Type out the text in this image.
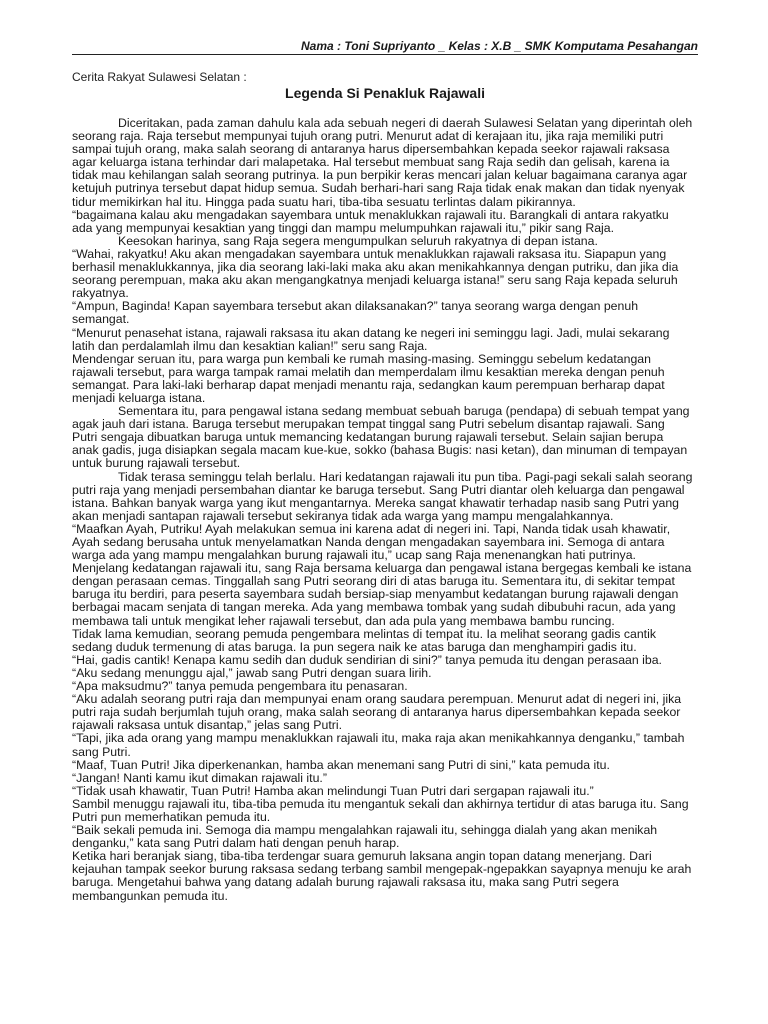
Nama : Toni Supriyanto _ Kelas : X.B _ SMK Komputama Pesahangan
Cerita Rakyat Sulawesi Selatan :
Legenda Si Penakluk Rajawali

Diceritakan, pada zaman dahulu kala ada sebuah negeri di daerah Sulawesi Selatan yang diperintah oleh

seorang raja. Raja tersebut mempunyai tujuh orang putri. Menurut adat di kerajaan itu, jika raja memiliki putri

sampai tujuh orang, maka salah seorang di antaranya harus dipersembahkan kepada seekor rajawali raksasa

agar keluarga istana terhindar dari malapetaka. Hal tersebut membuat sang Raja sedih dan gelisah, karena ia

tidak mau kehilangan salah seorang putrinya. Ia pun berpikir keras mencari jalan keluar bagaimana caranya agar

ketujuh putrinya tersebut dapat hidup semua. Sudah berhari-hari sang Raja tidak enak makan dan tidak nyenyak

tidur memikirkan hal itu. Hingga pada suatu hari, tiba-tiba sesuatu terlintas dalam pikirannya.

“bagaimana kalau aku mengadakan sayembara untuk menaklukkan rajawali itu. Barangkali di antara rakyatku

ada yang mempunyai kesaktian yang tinggi dan mampu melumpuhkan rajawali itu,” pikir sang Raja.

Keesokan harinya, sang Raja segera mengumpulkan seluruh rakyatnya di depan istana.

“Wahai, rakyatku! Aku akan mengadakan sayembara untuk menaklukkan rajawali raksasa itu. Siapapun yang

berhasil menaklukkannya, jika dia seorang laki-laki maka aku akan menikahkannya dengan putriku, dan jika dia

seorang perempuan, maka aku akan mengangkatnya menjadi keluarga istana!” seru sang Raja kepada seluruh

rakyatnya.

“Ampun, Baginda! Kapan sayembara tersebut akan dilaksanakan?” tanya seorang warga dengan penuh

semangat.

“Menurut penasehat istana, rajawali raksasa itu akan datang ke negeri ini seminggu lagi. Jadi, mulai sekarang

latih dan perdalamlah ilmu dan kesaktian kalian!” seru sang Raja.

Mendengar seruan itu, para warga pun kembali ke rumah masing-masing. Seminggu sebelum kedatangan

rajawali tersebut, para warga tampak ramai melatih dan memperdalam ilmu kesaktian mereka dengan penuh

semangat. Para laki-laki berharap dapat menjadi menantu raja, sedangkan kaum perempuan berharap dapat

menjadi keluarga istana.

Sementara itu, para pengawal istana sedang membuat sebuah baruga (pendapa) di sebuah tempat yang

agak jauh dari istana. Baruga tersebut merupakan tempat tinggal sang Putri sebelum disantap rajawali. Sang

Putri sengaja dibuatkan baruga untuk memancing kedatangan burung rajawali tersebut. Selain sajian berupa

anak gadis, juga disiapkan segala macam kue-kue, sokko (bahasa Bugis: nasi ketan), dan minuman di tempayan

untuk burung rajawali tersebut.

Tidak terasa seminggu telah berlalu. Hari kedatangan rajawali itu pun tiba. Pagi-pagi sekali salah seorang

putri raja yang menjadi persembahan diantar ke baruga tersebut. Sang Putri diantar oleh keluarga dan pengawal

istana. Bahkan banyak warga yang ikut mengantarnya. Mereka sangat khawatir terhadap nasib sang Putri yang

akan menjadi santapan rajawali tersebut sekiranya tidak ada warga yang mampu mengalahkannya.

“Maafkan Ayah, Putriku! Ayah melakukan semua ini karena adat di negeri ini. Tapi, Nanda tidak usah khawatir,

Ayah sedang berusaha untuk menyelamatkan Nanda dengan mengadakan sayembara ini. Semoga di antara

warga ada yang mampu mengalahkan burung rajawali itu,” ucap sang Raja menenangkan hati putrinya.

Menjelang kedatangan rajawali itu, sang Raja bersama keluarga dan pengawal istana bergegas kembali ke istana

dengan perasaan cemas. Tinggallah sang Putri seorang diri di atas baruga itu. Sementara itu, di sekitar tempat

baruga itu berdiri, para peserta sayembara sudah bersiap-siap menyambut kedatangan burung rajawali dengan

berbagai macam senjata di tangan mereka. Ada yang membawa tombak yang sudah dibubuhi racun, ada yang

membawa tali untuk mengikat leher rajawali tersebut, dan ada pula yang membawa bambu runcing.

Tidak lama kemudian, seorang pemuda pengembara melintas di tempat itu. Ia melihat seorang gadis cantik

sedang duduk termenung di atas baruga. Ia pun segera naik ke atas baruga dan menghampiri gadis itu.

“Hai, gadis cantik! Kenapa kamu sedih dan duduk sendirian di sini?” tanya pemuda itu dengan perasaan iba.

“Aku sedang menunggu ajal,” jawab sang Putri dengan suara lirih.

“Apa maksudmu?” tanya pemuda pengembara itu penasaran.

“Aku adalah seorang putri raja dan mempunyai enam orang saudara perempuan. Menurut adat di negeri ini, jika

putri raja sudah berjumlah tujuh orang, maka salah seorang di antaranya harus dipersembahkan kepada seekor

rajawali raksasa untuk disantap,” jelas sang Putri.

“Tapi, jika ada orang yang mampu menaklukkan rajawali itu, maka raja akan menikahkannya denganku,” tambah

sang Putri.

“Maaf, Tuan Putri! Jika diperkenankan, hamba akan menemani sang Putri di sini,” kata pemuda itu.

“Jangan! Nanti kamu ikut dimakan rajawali itu.”

“Tidak usah khawatir, Tuan Putri! Hamba akan melindungi Tuan Putri dari sergapan rajawali itu.”

Sambil menuggu rajawali itu, tiba-tiba pemuda itu mengantuk sekali dan akhirnya tertidur di atas baruga itu. Sang

Putri pun memerhatikan pemuda itu.

“Baik sekali pemuda ini. Semoga dia mampu mengalahkan rajawali itu, sehingga dialah yang akan menikah

denganku,” kata sang Putri dalam hati dengan penuh harap.

Ketika hari beranjak siang, tiba-tiba terdengar suara gemuruh laksana angin topan datang menerjang. Dari

kejauhan tampak seekor burung raksasa sedang terbang sambil mengepak-ngepakkan sayapnya menuju ke arah

baruga. Mengetahui bahwa yang datang adalah burung rajawali raksasa itu, maka sang Putri segera

membangunkan pemuda itu.
